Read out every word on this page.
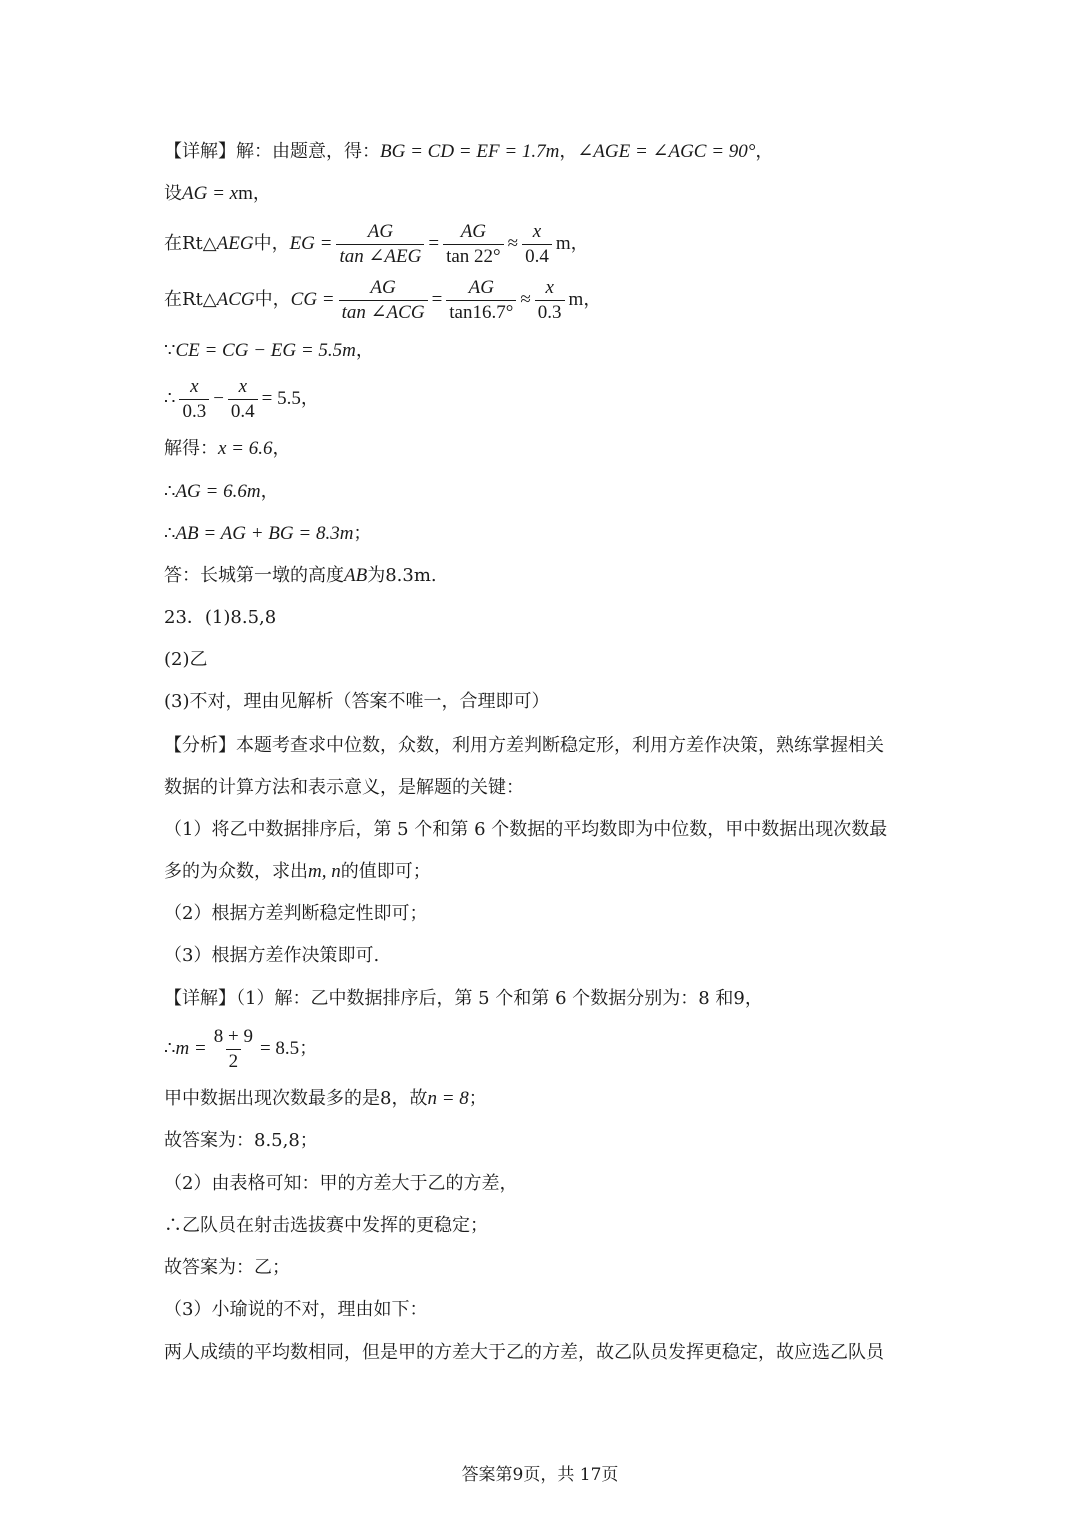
【详解】解：由题意，得： BG = CD = EF = 1.7m ， ∠AGE = ∠AGC = 90° ，
设 AG = x m ，
在Rt△ AEG 中， EG = $\frac{AG}{\text{tan ∠AEG}} = \frac{AG}{\tan 22^\circ} \approx \frac{x}{0.4}$ m ，
在Rt△ ACG 中， CG = $\frac{AG}{\text{tan ∠ACG}} = \frac{AG}{\tan 16.7^\circ} \approx \frac{x}{0.3}$ m ，
∵ CE = CG − EG = 5.5m ，
∴ $\frac{x}{0.3} - \frac{x}{0.4} = 5.5$ ，
解得： x = 6.6 ，
∴ AG = 6.6m ，
∴ AB = AG + BG = 8.3m ；
答：长城第一墩的高度 AB 为8.3m .
23．(1)8.5,8
(2)乙
(3)不对，理由见解析（答案不唯一，合理即可）
【分析】本题考查求中位数，众数，利用方差判断稳定形，利用方差作决策，熟练掌握相关
数据的计算方法和表示意义，是解题的关键：
（1）将乙中数据排序后，第 5 个和第 6 个数据的平均数即为中位数，甲中数据出现次数最
多的为众数，求出 m, n 的值即可；
（2）根据方差判断稳定性即可；
（3）根据方差作决策即可.
【详解】（1）解：乙中数据排序后，第 5 个和第 6 个数据分别为：8 和9，
∴ $m = \frac{8 + 9}{2} = 8.5$ ；
甲中数据出现次数最多的是8，故 n = 8 ；
故答案为：8.5,8；
（2）由表格可知：甲的方差大于乙的方差，
∴乙队员在射击选拔赛中发挥的更稳定；
故答案为：乙；
（3）小瑜说的不对，理由如下：
两人成绩的平均数相同，但是甲的方差大于乙的方差，故乙队员发挥更稳定，故应选乙队员
答案第9页，共 17页
